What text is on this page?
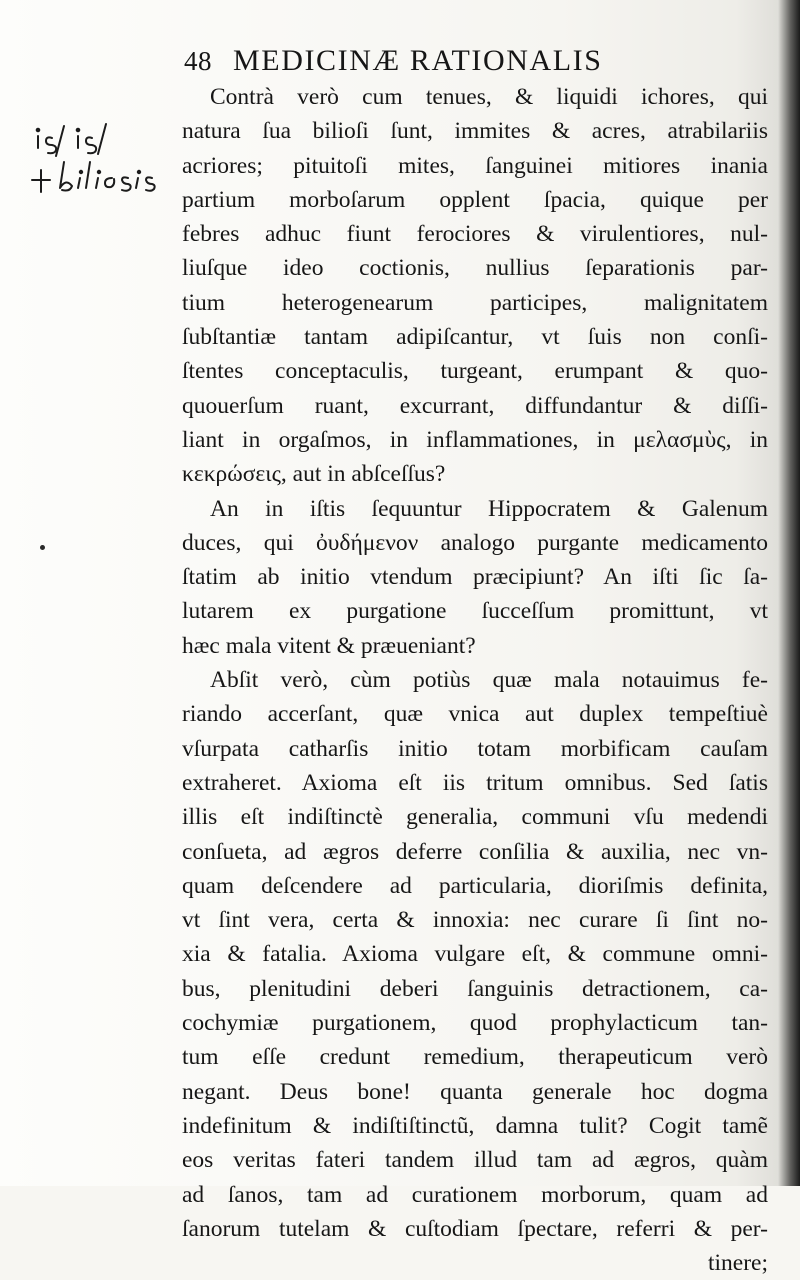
48 MEDICINÆ RATIONALIS
is/ is/
Contrà verò cum tenues, & liquidi ichores, qui
natura ſua bilioſi ſunt, immites & acres, atrabilariis
acriores; pituitoſi mites, ſanguinei mitiores inania
partium morboſarum opplent ſpacia, quique per
febres adhuc fiunt ferociores & virulentiores, nul-
liuſque ideo coctionis, nullius ſeparationis par-
tium heterogenearum participes, malignitatem
ſubſtantiæ tantam adipiſcantur, vt ſuis non conſi-
ſtentes conceptaculis, turgeant, erumpant & quo-
quouerſum ruant, excurrant, diffundantur & diſſi-
liant in orgaſmos, in inflammationes, in μελασμὺς, in
κεκρώσεις, aut in abſceſſus?
An in iſtis ſequuntur Hippocratem & Galenum
duces, qui ὀυδήμενον analogo purgante medicamento
ſtatim ab initio vtendum præcipiunt? An iſti ſic ſa-
lutarem ex purgatione ſucceſſum promittunt, vt
hæc mala vitent & præueniant?
Abſit verò, cùm potiùs quæ mala notauimus fe-
riando accerſant, quæ vnica aut duplex tempeſtiuè
vſurpata catharſis initio totam morbificam cauſam
extraheret. Axioma eſt iis tritum omnibus. Sed ſatis
illis eſt indiſtinctè generalia, communi vſu medendi
conſueta, ad ægros deferre conſilia & auxilia, nec vn-
quam deſcendere ad particularia, dioriſmis definita,
vt ſint vera, certa & innoxia: nec curare ſi ſint no-
xia & fatalia. Axioma vulgare eſt, & commune omni-
bus, plenitudini deberi ſanguinis detractionem, ca-
cochymiæ purgationem, quod prophylacticum tan-
tum eſſe credunt remedium, therapeuticum verò
negant. Deus bone! quanta generale hoc dogma
indefinitum & indiſtiſtinctũ, damna tulit? Cogit tamẽ
eos veritas fateri tandem illud tam ad ægros, quàm
ad ſanos, tam ad curationem morborum, quam ad
ſanorum tutelam & cuſtodiam ſpectare, referri & per-
tinere;
